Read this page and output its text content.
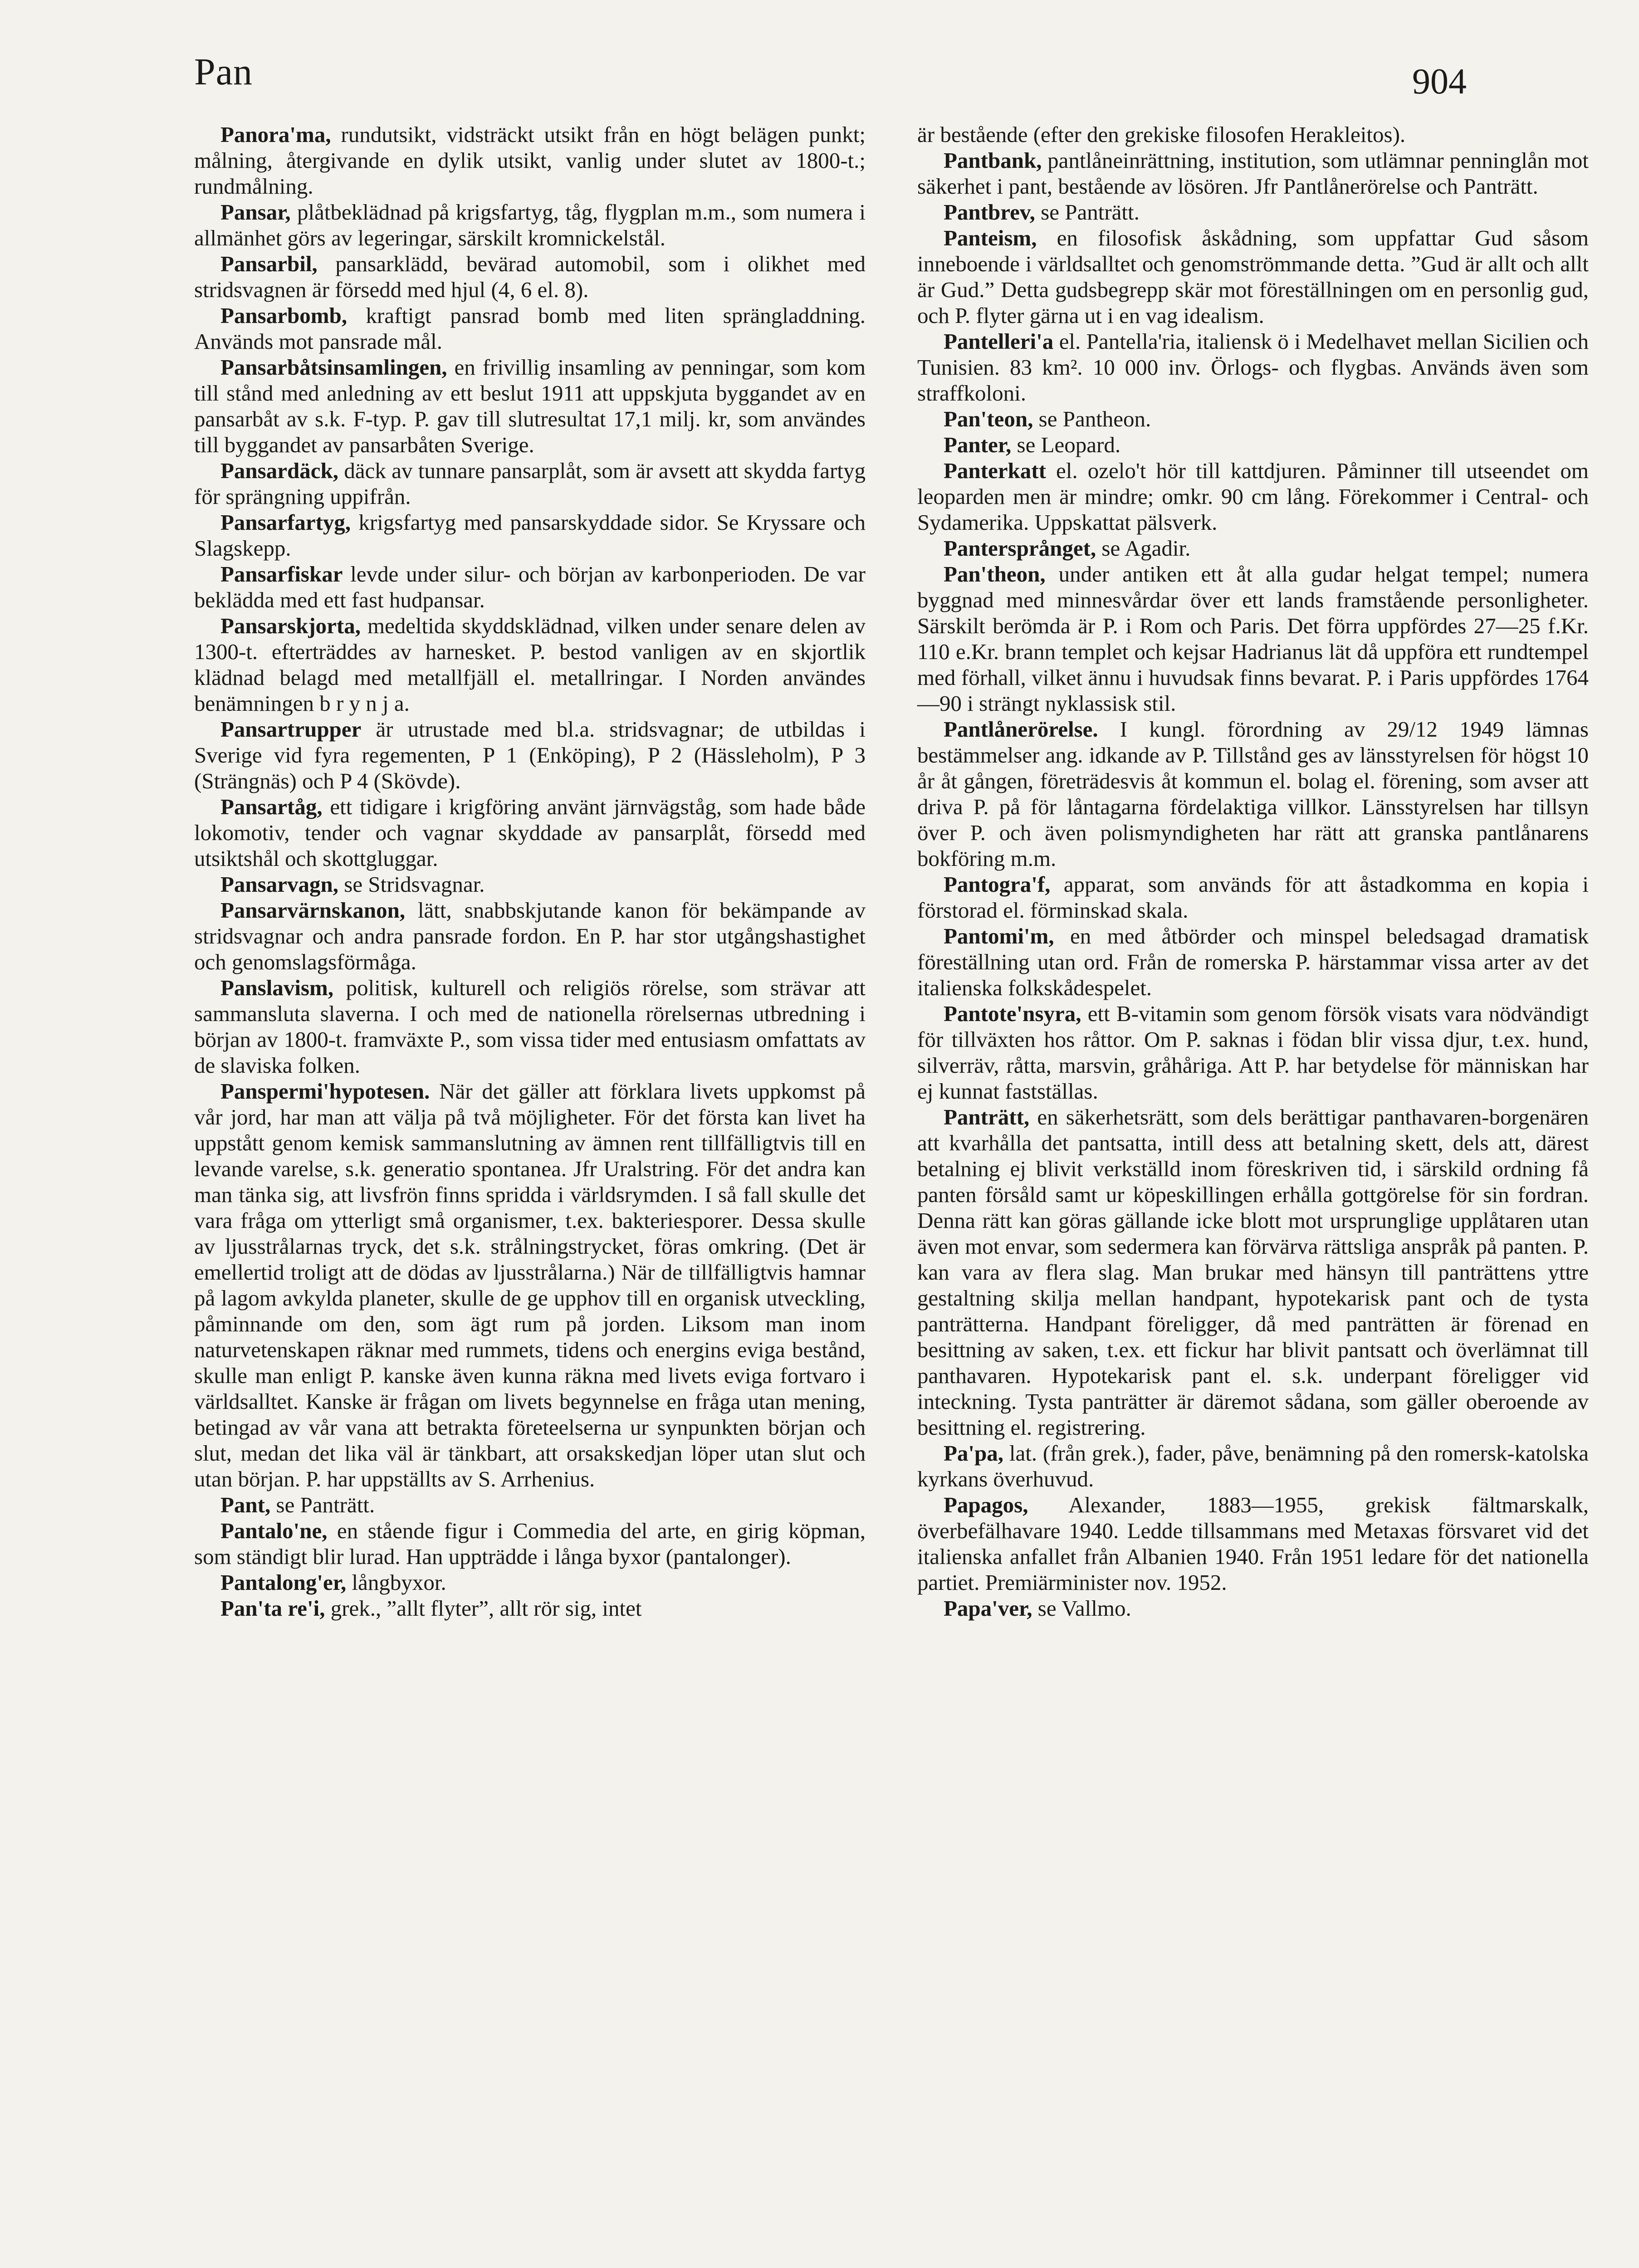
Pan	904

Panora'ma, rundutsikt, vidsträckt utsikt från en högt belägen punkt; målning, återgivande en dylik utsikt, vanlig under slutet av 1800-t.; rundmålning.

Pansar, plåtbeklädnad på krigsfartyg, tåg, flygplan m.m., som numera i allmänhet görs av legeringar, särskilt kromnickelstål.

Pansarbil, pansarklädd, bevärad automobil, som i olikhet med stridsvagnen är försedd med hjul (4, 6 el. 8).

Pansarbomb, kraftigt pansrad bomb med liten sprängladdning. Används mot pansrade mål.

Pansarbåtsinsamlingen, en frivillig insamling av penningar, som kom till stånd med anledning av ett beslut 1911 att uppskjuta byggandet av en pansarbåt av s.k. F-typ. P. gav till slutresultat 17,1 milj. kr, som användes till byggandet av pansarbåten Sverige.

Pansardäck, däck av tunnare pansarplåt, som är avsett att skydda fartyg för sprängning uppifrån.

Pansarfartyg, krigsfartyg med pansarskyddade sidor. Se Kryssare och Slagskepp.

Pansarfiskar levde under silur- och början av karbonperioden. De var beklädda med ett fast hudpansar.

Pansarskjorta, medeltida skyddsklädnad, vilken under senare delen av 1300-t. efterträddes av harnesket. P. bestod vanligen av en skjortlik klädnad belagd med metallfjäll el. metallringar. I Norden användes benämningen b r y n j a.

Pansartrupper är utrustade med bl.a. stridsvagnar; de utbildas i Sverige vid fyra regementen, P 1 (Enköping), P 2 (Hässleholm), P 3 (Strängnäs) och P 4 (Skövde).

Pansartåg, ett tidigare i krigföring använt järnvägståg, som hade både lokomotiv, tender och vagnar skyddade av pansarplåt, försedd med utsiktshål och skottgluggar.

Pansarvagn, se Stridsvagnar.

Pansarvärnskanon, lätt, snabbskjutande kanon för bekämpande av stridsvagnar och andra pansrade fordon. En P. har stor utgångshastighet och genomslagsförmåga.

Panslavism, politisk, kulturell och religiös rörelse, som strävar att sammansluta slaverna. I och med de nationella rörelsernas utbredning i början av 1800-t. framväxte P., som vissa tider med entusiasm omfattats av de slaviska folken.

Panspermi'hypotesen. När det gäller att förklara livets uppkomst på vår jord, har man att välja på två möjligheter. För det första kan livet ha uppstått genom kemisk sammanslutning av ämnen rent tillfälligtvis till en levande varelse, s.k. generatio spontanea. Jfr Uralstring. För det andra kan man tänka sig, att livsfrön finns spridda i världsrymden. I så fall skulle det vara fråga om ytterligt små organismer, t.ex. bakteriesporer. Dessa skulle av ljusstrålarnas tryck, det s.k. strålningstrycket, föras omkring. (Det är emellertid troligt att de dödas av ljusstrålarna.) När de tillfälligtvis hamnar på lagom avkylda planeter, skulle de ge upphov till en organisk utveckling, påminnande om den, som ägt rum på jorden. Liksom man inom naturvetenskapen räknar med rummets, tidens och energins eviga bestånd, skulle man enligt P. kanske även kunna räkna med livets eviga fortvaro i världsalltet. Kanske är frågan om livets begynnelse en fråga utan mening, betingad av vår vana att betrakta företeelserna ur synpunkten början och slut, medan det lika väl är tänkbart, att orsakskedjan löper utan slut och utan början. P. har uppställts av S. Arrhenius.

Pant, se Panträtt.

Pantalo'ne, en stående figur i Commedia del arte, en girig köpman, som ständigt blir lurad. Han uppträdde i långa byxor (pantalonger).

Pantalong'er, långbyxor.

Pan'ta re'i, grek., ”allt flyter”, allt rör sig, intet

är bestående (efter den grekiske filosofen Herakleitos).

Pantbank, pantlåneinrättning, institution, som utlämnar penninglån mot säkerhet i pant, bestående av lösören. Jfr Pantlånerörelse och Panträtt.

Pantbrev, se Panträtt.

Panteism, en filosofisk åskådning, som uppfattar Gud såsom inneboende i världsalltet och genomströmmande detta. ”Gud är allt och allt är Gud.” Detta gudsbegrepp skär mot föreställningen om en personlig gud, och P. flyter gärna ut i en vag idealism.

Pantelleri'a el. Pantella'ria, italiensk ö i Medelhavet mellan Sicilien och Tunisien. 83 km². 10 000 inv. Örlogs- och flygbas. Används även som straffkoloni.

Pan'teon, se Pantheon.

Panter, se Leopard.

Panterkatt el. ozelo't hör till kattdjuren. Påminner till utseendet om leoparden men är mindre; omkr. 90 cm lång. Förekommer i Central- och Sydamerika. Uppskattat pälsverk.

Pantersprånget, se Agadir.

Pan'theon, under antiken ett åt alla gudar helgat tempel; numera byggnad med minnesvårdar över ett lands framstående personligheter. Särskilt berömda är P. i Rom och Paris. Det förra uppfördes 27—25 f.Kr. 110 e.Kr. brann templet och kejsar Hadrianus lät då uppföra ett rundtempel med förhall, vilket ännu i huvudsak finns bevarat. P. i Paris uppfördes 1764—90 i strängt nyklassisk stil.

Pantlånerörelse. I kungl. förordning av 29/12 1949 lämnas bestämmelser ang. idkande av P. Tillstånd ges av länsstyrelsen för högst 10 år åt gången, företrädesvis åt kommun el. bolag el. förening, som avser att driva P. på för låntagarna fördelaktiga villkor. Länsstyrelsen har tillsyn över P. och även polismyndigheten har rätt att granska pantlånarens bokföring m.m.

Pantogra'f, apparat, som används för att åstadkomma en kopia i förstorad el. förminskad skala.

Pantomi'm, en med åtbörder och minspel beledsagad dramatisk föreställning utan ord. Från de romerska P. härstammar vissa arter av det italienska folkskådespelet.

Pantote'nsyra, ett B-vitamin som genom försök visats vara nödvändigt för tillväxten hos råttor. Om P. saknas i födan blir vissa djur, t.ex. hund, silverräv, råtta, marsvin, gråhåriga. Att P. har betydelse för människan har ej kunnat fastställas.

Panträtt, en säkerhetsrätt, som dels berättigar panthavaren-borgenären att kvarhålla det pantsatta, intill dess att betalning skett, dels att, därest betalning ej blivit verkställd inom föreskriven tid, i särskild ordning få panten försåld samt ur köpeskillingen erhålla gottgörelse för sin fordran. Denna rätt kan göras gällande icke blott mot ursprunglige upplåtaren utan även mot envar, som sedermera kan förvärva rättsliga anspråk på panten. P. kan vara av flera slag. Man brukar med hänsyn till panträttens yttre gestaltning skilja mellan handpant, hypotekarisk pant och de tysta panträtterna. Handpant föreligger, då med panträtten är förenad en besittning av saken, t.ex. ett fickur har blivit pantsatt och överlämnat till panthavaren. Hypotekarisk pant el. s.k. underpant föreligger vid inteckning. Tysta panträtter är däremot sådana, som gäller oberoende av besittning el. registrering.

Pa'pa, lat. (från grek.), fader, påve, benämning på den romersk-katolska kyrkans överhuvud.

Papagos, Alexander, 1883—1955, grekisk fältmarskalk, överbefälhavare 1940. Ledde tillsammans med Metaxas försvaret vid det italienska anfallet från Albanien 1940. Från 1951 ledare för det nationella partiet. Premiärminister nov. 1952.

Papa'ver, se Vallmo.
